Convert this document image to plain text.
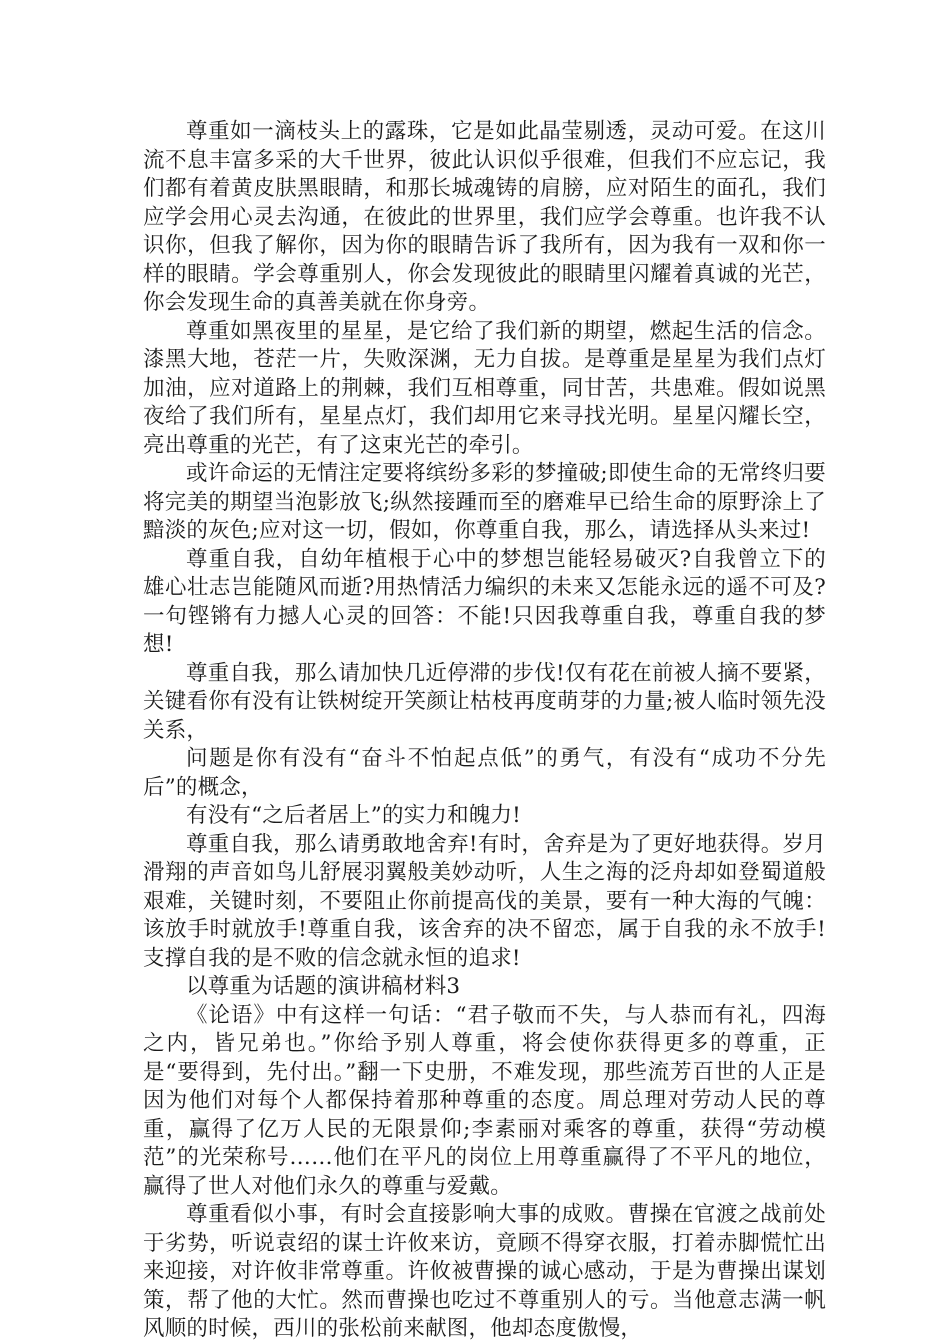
尊重如一滴枝头上的露珠，它是如此晶莹剔透，灵动可爱。在这川流不息丰富多采的大千世界，彼此认识似乎很难，但我们不应忘记，我们都有着黄皮肤黑眼睛，和那长城魂铸的肩膀，应对陌生的面孔，我们应学会用心灵去沟通，在彼此的世界里，我们应学会尊重。也许我不认识你，但我了解你，因为你的眼睛告诉了我所有，因为我有一双和你一样的眼睛。学会尊重别人，你会发现彼此的眼睛里闪耀着真诚的光芒，你会发现生命的真善美就在你身旁。

尊重如黑夜里的星星，是它给了我们新的期望，燃起生活的信念。漆黑大地，苍茫一片，失败深渊，无力自拔。是尊重是星星为我们点灯加油，应对道路上的荆棘，我们互相尊重，同甘苦，共患难。假如说黑夜给了我们所有，星星点灯，我们却用它来寻找光明。星星闪耀长空，亮出尊重的光芒，有了这束光芒的牵引。

或许命运的无情注定要将缤纷多彩的梦撞破;即使生命的无常终归要将完美的期望当泡影放飞;纵然接踵而至的磨难早已给生命的原野涂上了黯淡的灰色;应对这一切，假如，你尊重自我，那么，请选择从头来过!

尊重自我，自幼年植根于心中的梦想岂能轻易破灭?自我曾立下的雄心壮志岂能随风而逝?用热情活力编织的未来又怎能永远的遥不可及?一句铿锵有力撼人心灵的回答：不能!只因我尊重自我，尊重自我的梦想!

尊重自我，那么请加快几近停滞的步伐!仅有花在前被人摘不要紧，关键看你有没有让铁树绽开笑颜让枯枝再度萌芽的力量;被人临时领先没关系，

问题是你有没有“奋斗不怕起点低”的勇气，有没有“成功不分先后”的概念，

有没有“之后者居上”的实力和魄力!

尊重自我，那么请勇敢地舍弃!有时，舍弃是为了更好地获得。岁月滑翔的声音如鸟儿舒展羽翼般美妙动听，人生之海的泛舟却如登蜀道般艰难，关键时刻，不要阻止你前提高伐的美景，要有一种大海的气魄：该放手时就放手!尊重自我，该舍弃的决不留恋，属于自我的永不放手!支撑自我的是不败的信念就永恒的追求!

以尊重为话题的演讲稿材料3

《论语》中有这样一句话：“君子敬而不失，与人恭而有礼，四海之内，皆兄弟也。”你给予别人尊重，将会使你获得更多的尊重，正是“要得到，先付出。”翻一下史册，不难发现，那些流芳百世的人正是因为他们对每个人都保持着那种尊重的态度。周总理对劳动人民的尊重，赢得了亿万人民的无限景仰;李素丽对乘客的尊重，获得“劳动模范”的光荣称号……他们在平凡的岗位上用尊重赢得了不平凡的地位，赢得了世人对他们永久的尊重与爱戴。

尊重看似小事，有时会直接影响大事的成败。曹操在官渡之战前处于劣势，听说袁绍的谋士许攸来访，竟顾不得穿衣服，打着赤脚慌忙出来迎接，对许攸非常尊重。许攸被曹操的诚心感动，于是为曹操出谋划策，帮了他的大忙。然而曹操也吃过不尊重别人的亏。当他意志满一帆风顺的时候，西川的张松前来献图，他却态度傲慢，
